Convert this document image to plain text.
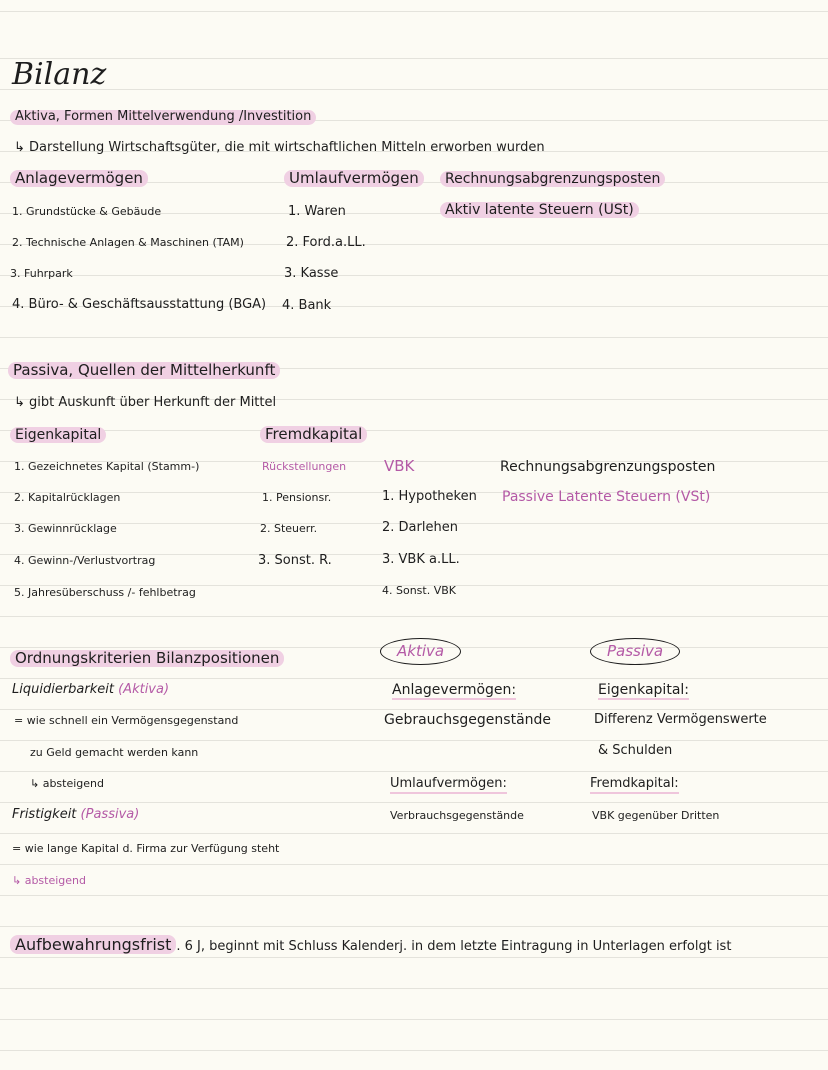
Bilanz
Aktiva, Formen Mittelverwendung /Investition
↳ Darstellung Wirtschaftsgüter, die mit wirtschaftlichen Mitteln erworben wurden
Anlagevermögen
1. Grundstücke & Gebäude
2. Technische Anlagen & Maschinen (TAM)
3. Fuhrpark
4. Büro- & Geschäftsausstattung (BGA)
Umlaufvermögen
1. Waren
2. Ford.a.LL.
3. Kasse
4. Bank
Rechnungsabgrenzungsposten
Aktiv latente Steuern (USt)
Passiva, Quellen der Mittelherkunft
↳ gibt Auskunft über Herkunft der Mittel
Eigenkapital
1. Gezeichnetes Kapital (Stamm-)
2. Kapitalrücklagen
3. Gewinnrücklage
4. Gewinn-/Verlustvortrag
5. Jahresüberschuss /- fehlbetrag
Fremdkapital
Rückstellungen
1. Pensionsr.
2. Steuerr.
3. Sonst. R.
VBK
1. Hypotheken
2. Darlehen
3. VBK a.LL.
4. Sonst. VBK
Rechnungsabgrenzungsposten
Passive Latente Steuern (VSt)
Ordnungskriterien Bilanzpositionen
Liquidierbarkeit (Aktiva)
= wie schnell ein Vermögensgegenstand
zu Geld gemacht werden kann
↳ absteigend
Fristigkeit (Passiva)
= wie lange Kapital d. Firma zur Verfügung steht
↳ absteigend
Aktiva
Anlagevermögen:
Gebrauchsgegenstände
Umlaufvermögen:
Verbrauchsgegenstände
Passiva
Eigenkapital:
Differenz Vermögenswerte
& Schulden
Fremdkapital:
VBK gegenüber Dritten
Aufbewahrungsfrist . 6 J, beginnt mit Schluss Kalenderj. in dem letzte Eintragung in Unterlagen erfolgt ist
